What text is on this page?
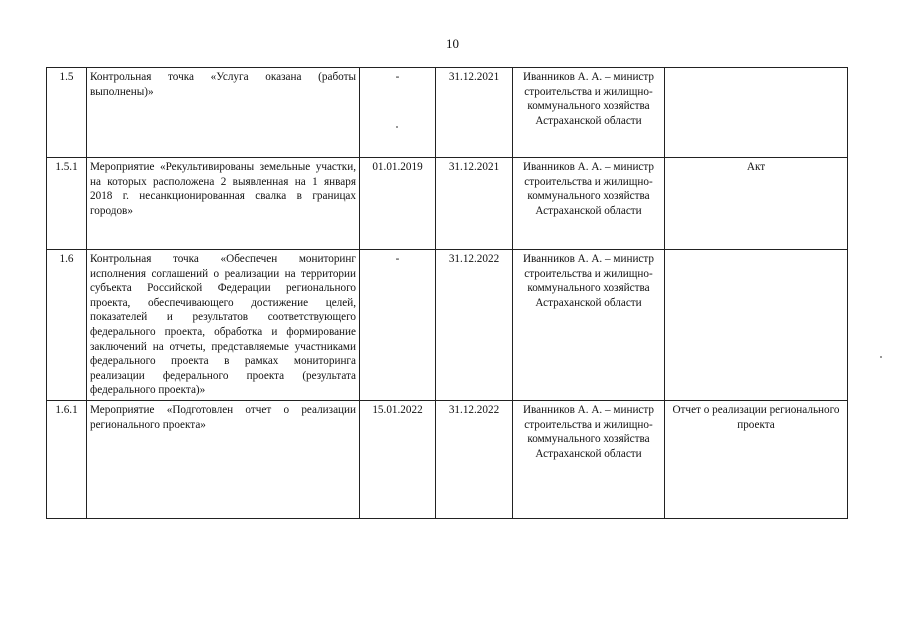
10
1.5	Контрольная точка «Услуга оказана (работы выполнены)»	-	31.12.2021	Иванников А. А. – министр строительства и жилищно-коммунального хозяйства Астраханской области	
1.5.1	Мероприятие «Рекультивированы земельные участки, на которых расположена 2 выявленная на 1 января 2018 г. несанкционированная свалка в границах городов»	01.01.2019	31.12.2021	Иванников А. А. – министр строительства и жилищно-коммунального хозяйства Астраханской области	Акт
1.6	Контрольная точка «Обеспечен мониторинг исполнения соглашений о реализации на территории субъекта Российской Федерации регионального проекта, обеспечивающего достижение целей, показателей и результатов соответствующего федерального проекта, обработка и формирование заключений на отчеты, представляемые участниками федерального проекта в рамках мониторинга реализации федерального проекта (результата федерального проекта)»	-	31.12.2022	Иванников А. А. – министр строительства и жилищно-коммунального хозяйства Астраханской области	
1.6.1	Мероприятие «Подготовлен отчет о реализации регионального проекта»	15.01.2022	31.12.2022	Иванников А. А. – министр строительства и жилищно-коммунального хозяйства Астраханской области	Отчет о реализации регионального проекта
